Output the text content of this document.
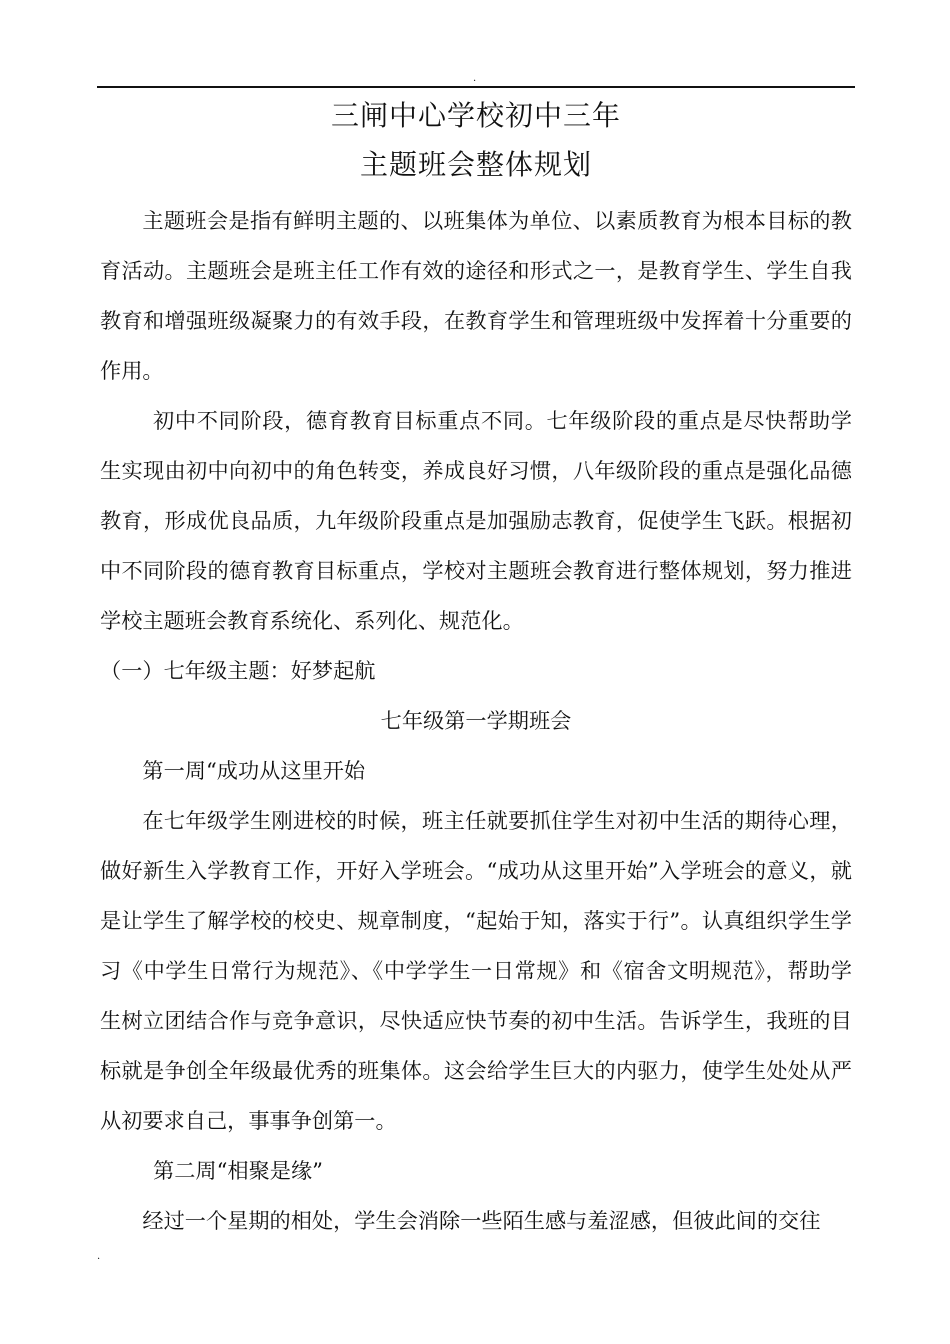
.
三闸中心学校初中三年
主题班会整体规划

主题班会是指有鲜明主题的、以班集体为单位、以素质教育为根本目标的教育活动。主题班会是班主任工作有效的途径和形式之一，是教育学生、学生自我教育和增强班级凝聚力的有效手段，在教育学生和管理班级中发挥着十分重要的作用。

初中不同阶段，德育教育目标重点不同。七年级阶段的重点是尽快帮助学生实现由初中向初中的角色转变，养成良好习惯，八年级阶段的重点是强化品德教育，形成优良品质，九年级阶段重点是加强励志教育，促使学生飞跃。根据初中不同阶段的德育教育目标重点，学校对主题班会教育进行整体规划，努力推进学校主题班会教育系统化、系列化、规范化。

（一）七年级主题：好梦起航

七年级第一学期班会

第一周“成功从这里开始

在七年级学生刚进校的时候，班主任就要抓住学生对初中生活的期待心理，做好新生入学教育工作，开好入学班会。“成功从这里开始”入学班会的意义，就是让学生了解学校的校史、规章制度，“起始于知，落实于行”。认真组织学生学习《中学生日常行为规范》、《中学学生一日常规》和《宿舍文明规范》，帮助学生树立团结合作与竞争意识，尽快适应快节奏的初中生活。告诉学生，我班的目标就是争创全年级最优秀的班集体。这会给学生巨大的内驱力，使学生处处从严从初要求自己，事事争创第一。

第二周“相聚是缘”

经过一个星期的相处，学生会消除一些陌生感与羞涩感，但彼此间的交往

.
